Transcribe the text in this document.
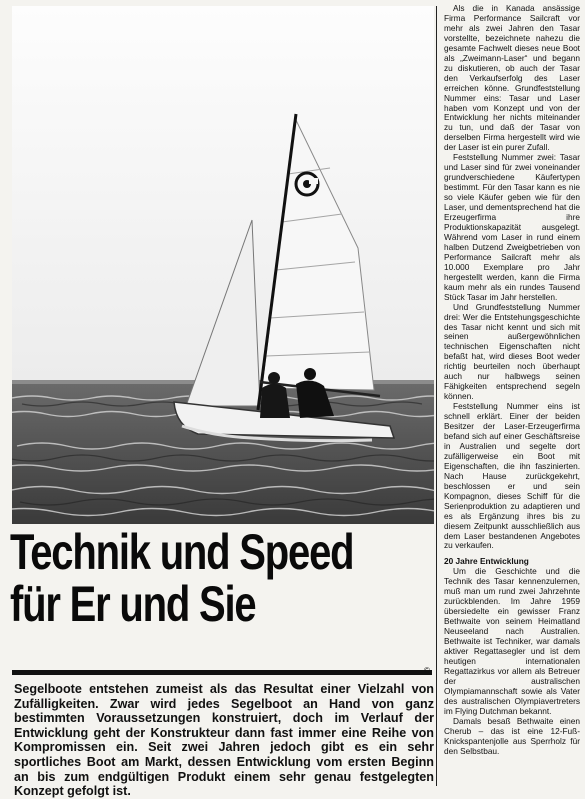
Technik und Speed
für Er und Sie
©
Segelboote entstehen zumeist als das Resultat einer Vielzahl von Zufälligkeiten. Zwar wird jedes Segelboot an Hand von ganz bestimmten Voraussetzungen konstruiert, doch im Verlauf der Entwicklung geht der Konstrukteur dann fast immer eine Reihe von Kompromissen ein. Seit zwei Jahren jedoch gibt es ein sehr sportliches Boot am Markt, dessen Entwicklung vom ersten Beginn an bis zum endgültigen Produkt einem sehr genau festgelegten Konzept gefolgt ist.

Als die in Kanada ansässige Firma Performance Sailcraft vor mehr als zwei Jahren den Tasar vorstellte, bezeichnete nahezu die gesamte Fachwelt dieses neue Boot als „Zweimann-Laser“ und begann zu diskutieren, ob auch der Tasar den Verkaufserfolg des Laser erreichen könne. Grundfeststellung Nummer eins: Tasar und Laser haben vom Konzept und von der Entwicklung her nichts miteinander zu tun, und daß der Tasar von derselben Firma hergestellt wird wie der Laser ist ein purer Zufall.

Feststellung Nummer zwei: Tasar und Laser sind für zwei voneinander grundverschiedene Käufertypen bestimmt. Für den Tasar kann es nie so viele Käufer geben wie für den Laser, und dementsprechend hat die Erzeugerfirma ihre Produktionskapazität ausgelegt. Während vom Laser in rund einem halben Dutzend Zweigbetrieben von Performance Sailcraft mehr als 10.000 Exemplare pro Jahr hergestellt werden, kann die Firma kaum mehr als ein rundes Tausend Stück Tasar im Jahr herstellen.

Und Grundfeststellung Nummer drei: Wer die Entstehungsgeschichte des Tasar nicht kennt und sich mit seinen außergewöhnlichen technischen Eigenschaften nicht befaßt hat, wird dieses Boot weder richtig beurteilen noch überhaupt auch nur halbwegs seinen Fähigkeiten entsprechend segeln können.

Feststellung Nummer eins ist schnell erklärt. Einer der beiden Besitzer der Laser-Erzeugerfirma befand sich auf einer Geschäftsreise in Australien und segelte dort zufälligerweise ein Boot mit Eigenschaften, die ihn faszinierten. Nach Hause zurückgekehrt, beschlossen er und sein Kompagnon, dieses Schiff für die Serienproduktion zu adaptieren und es als Ergänzung ihres bis zu diesem Zeitpunkt ausschließlich aus dem Laser bestandenen Angebotes zu verkaufen.

20 Jahre Entwicklung

Um die Geschichte und die Technik des Tasar kennenzulernen, muß man um rund zwei Jahrzehnte zurückblenden. Im Jahre 1959 übersiedelte ein gewisser Franz Bethwaite von seinem Heimatland Neuseeland nach Australien. Bethwaite ist Techniker, war damals aktiver Regattasegler und ist dem heutigen internationalen Regattazirkus vor allem als Betreuer der australischen Olympiamannschaft sowie als Vater des australischen Olympiavertreters im Flying Dutchman bekannt.

Damals besaß Bethwaite einen Cherub – das ist eine 12-Fuß-Knickspantenjolle aus Sperrholz für den Selbstbau.
